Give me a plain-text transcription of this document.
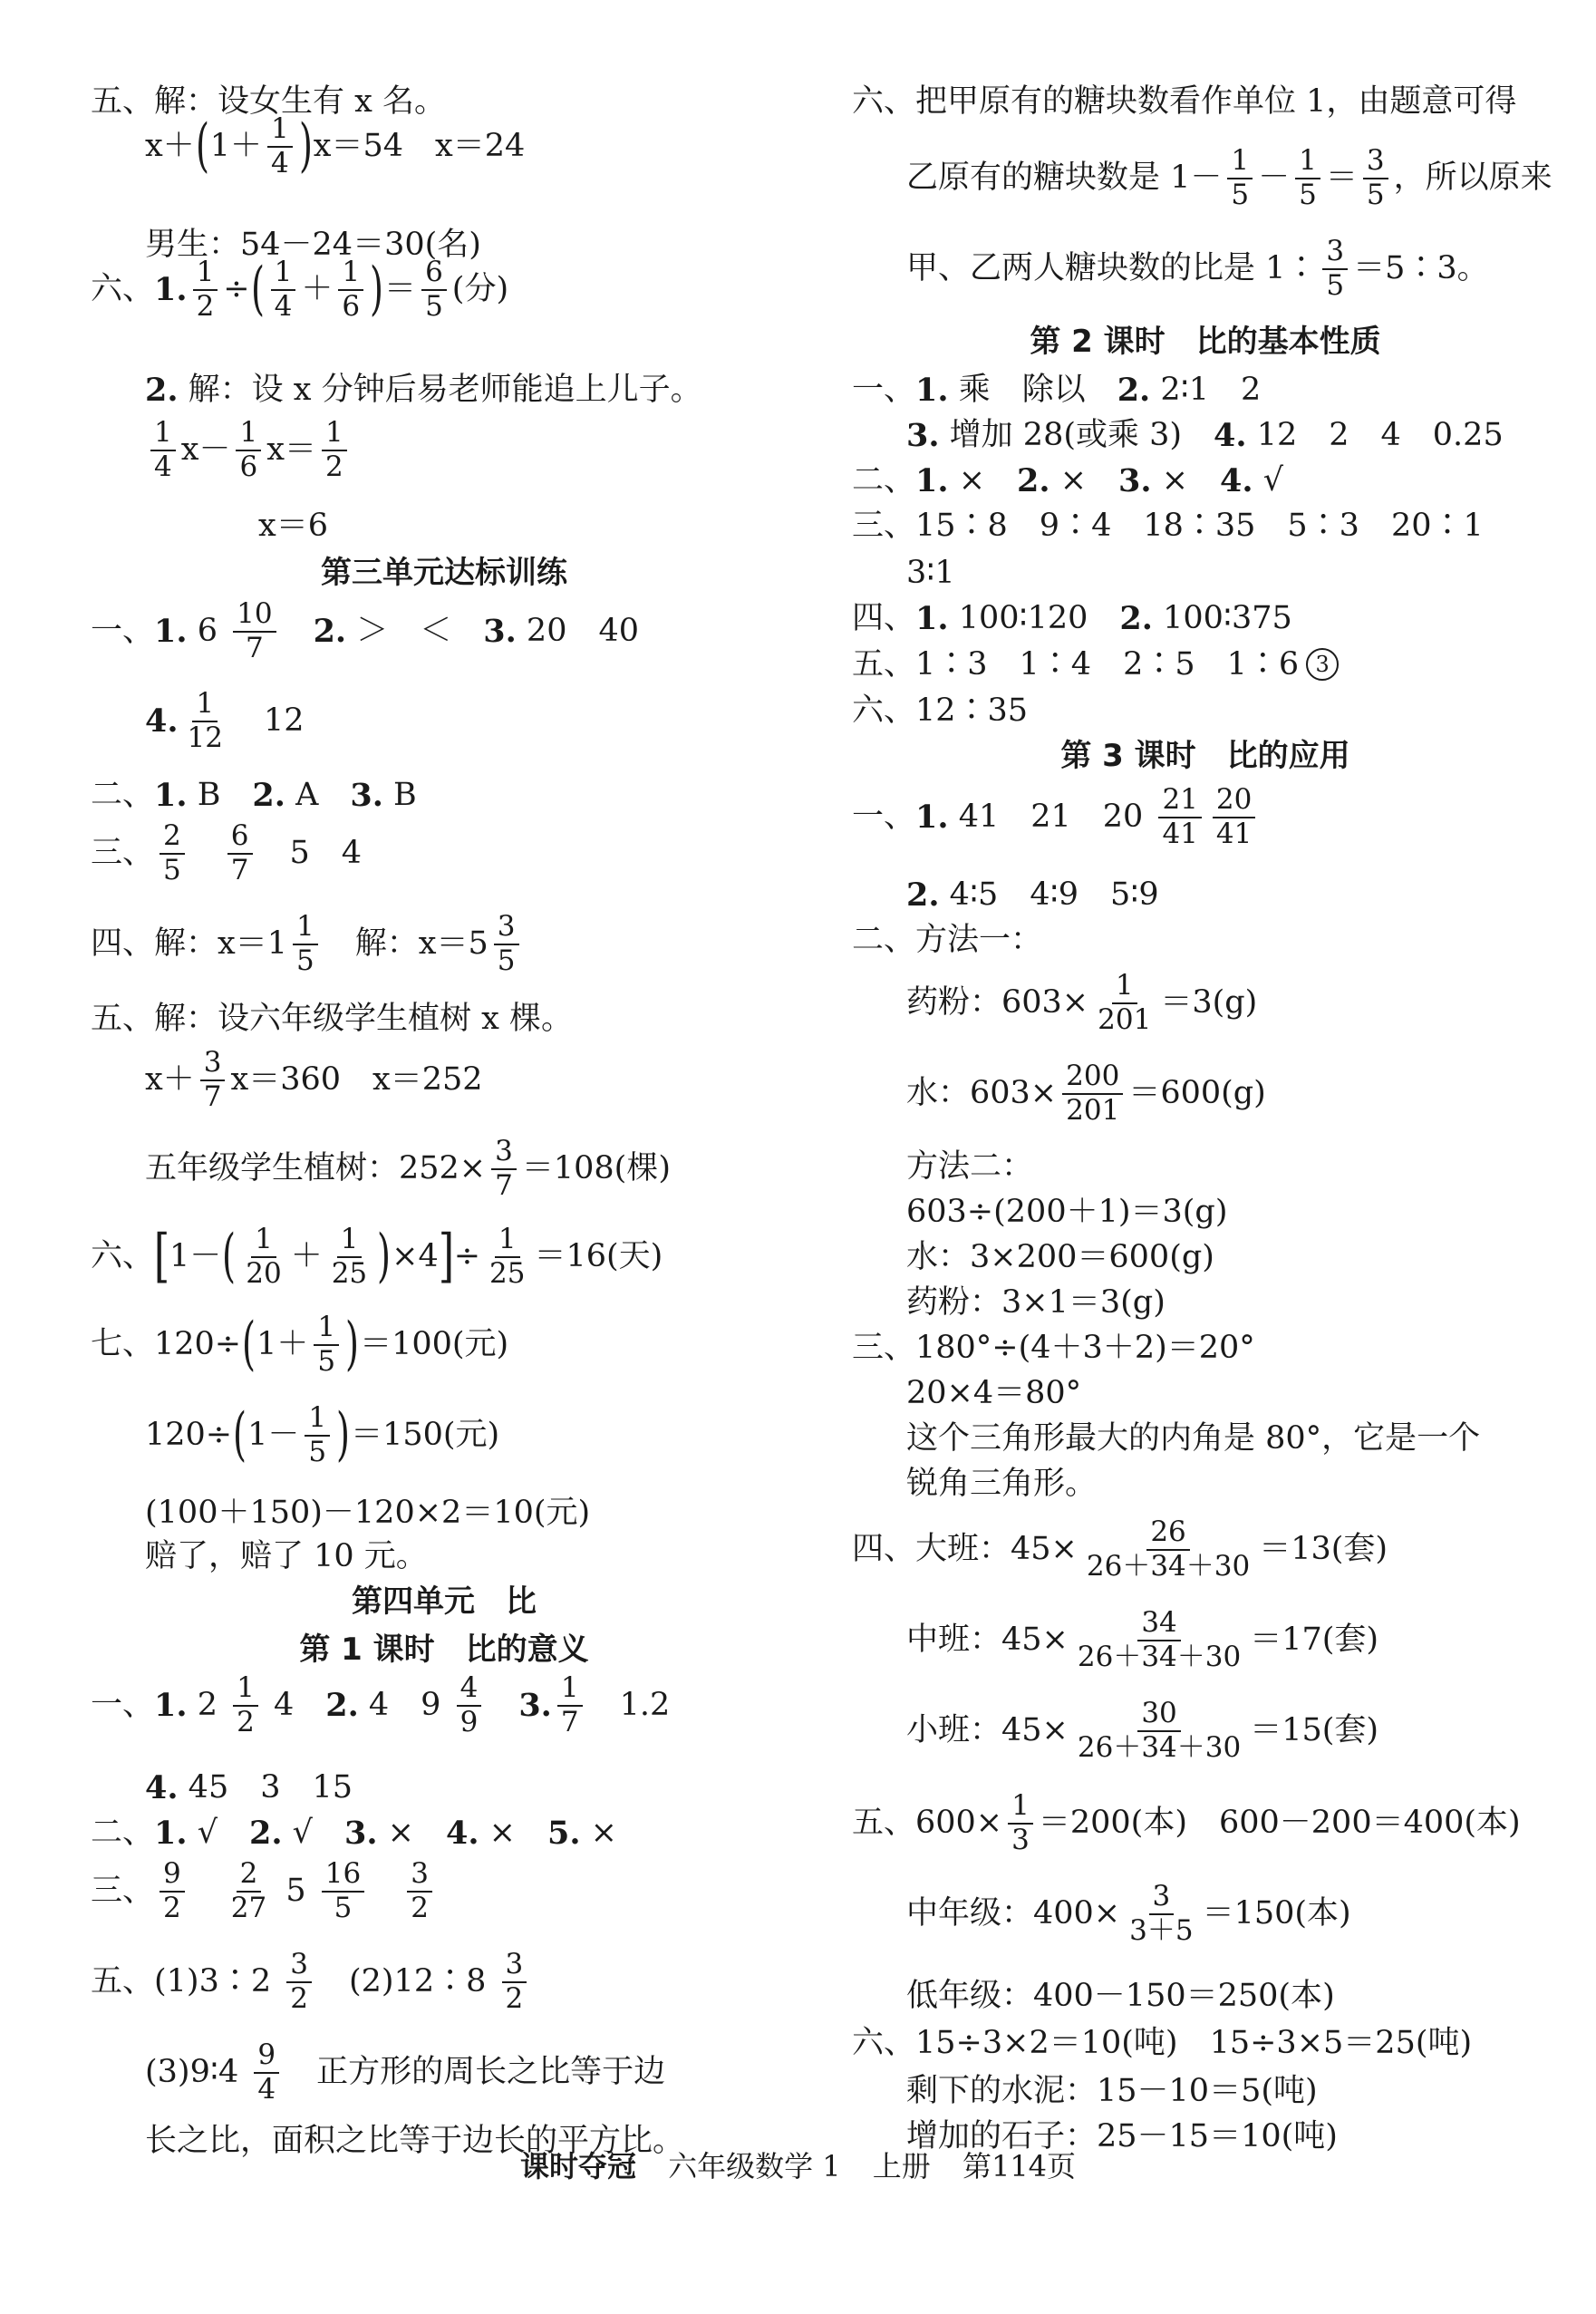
五、解：设女生有 x 名。
x＋ ( 1＋ 1
4 ) x＝54　x＝24
男生：54－24＝30(名)
六、 1. $\frac{1}{2}$ ÷ ( 1
4 ＋ 1
6 ) ＝ 6
5 (分)
2. 解：设 x 分钟后易老师能追上儿子。
1
4 x－ 1
6 x＝ 1
2
x＝6
第三单元达标训练
一、 1. 6 10
7
　 2. ＞　＜　 3. 20　40
4. 1
12 　12
二、 1. B　 2. A　 3. B
三、 2
5

6
7 　5　4
四、解：x＝1 1
5 　解：x＝5 3
5
五、解：设六年级学生植树 x 棵。
x＋ 3
7 x＝360　x＝252
五年级学生植树：$252\times \frac{3}{7} =108$(棵)
六、 [ 1－ ( 1
20 ＋ 1
25 ) ×4 ] ÷ $\frac{1}{25} =16$(天)
七、120÷ ( 1＋ 1
5 ) ＝100(元)
120÷ ( 1－ 1
5 ) ＝150(元)
(100＋150)－120×2＝10(元)
赔了，赔了 10 元。
第四单元　比
第 1 课时　比的意义
一、 1. 2 1
2 4　 2. 4　9 4
9
　 3. 1
7 　1.2
4. 45　3　15
二、 1. √　 2. √　 3. ×　 4. ×　 5. ×
三、 9
2

2
27 5 16
5

3
2
五、(1)3∶2 3
2 　(2)12∶8 3
2
(3)9∶4 9
4 　正方形的周长之比等于边
长之比，面积之比等于边长的平方比。
六、把甲原有的糖块数看作单位 1，由题意可得
乙原有的糖块数是 1－ 1
5 － 1
5 ＝ 3
5 ，所以原来
甲、乙两人糖块数的比是 1∶ 3
5 ＝5∶3。
第 2 课时　比的基本性质
一、 1. 乘　除以　 2. 2∶1　2
3. 增加 28(或乘 3)　 4. 12　2　4　0.25
二、 1. ×　 2. ×　 3. ×　 4. √
三、15∶8　9∶4　18∶35　5∶3　20∶1
3∶1
四、 1. 100∶120　 2. 100∶375
五、1∶3　1∶4　2∶5　1∶6 3
六、12∶35
第 3 课时　比的应用
一、 1. 41　21　20 21
41
20
41
2. 4∶5　4∶9　5∶9
二、方法一：
药粉：$603\times \frac{1}{201} =3(g)$
水：$603\times \frac{200}{201} =600(g)$
方法二：
603÷(200＋1)＝3(g)
水：3×200＝600(g)
药粉：3×1＝3(g)
三、180°÷(4＋3＋2)＝20°
20×4＝80°
这个三角形最大的内角是 80°，它是一个
锐角三角形。
四、大班：$45\times \frac{26}{26+34+30} =13$(套)
中班：$45\times \frac{34}{26+34+30} =17$(套)
小班：$45\times \frac{30}{26+34+30} =15$(套)
五、$600\times \frac{1}{3} =200$(本)　600－200＝400(本)
中年级：$400\times \frac{3}{3+5} =150$(本)
低年级：400－150＝250(本)
六、15÷3×2＝10(吨)　15÷3×5＝25(吨)
剩下的水泥：15－10＝5(吨)
增加的石子：25－15＝10(吨)
课时夺冠 六年级数学 1 上册 第114页
